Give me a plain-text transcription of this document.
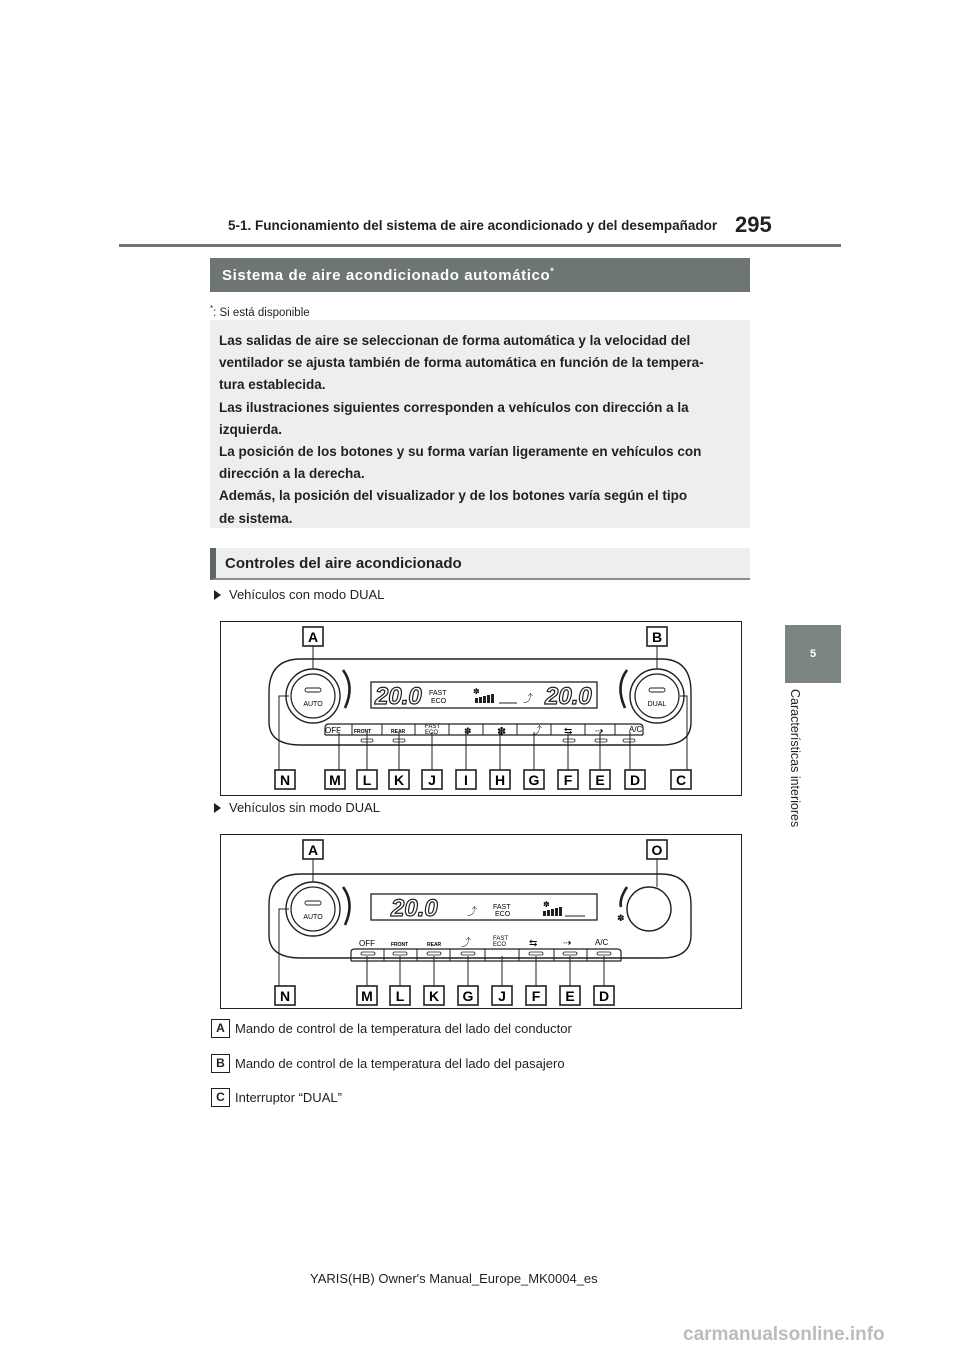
5-1. Funcionamiento del sistema de aire acondicionado y del desempañador 295
5
Características interiores
Sistema de aire acondicionado automático*
*: Si está disponible
Las salidas de aire se seleccionan de forma automática y la velocidad del
ventilador se ajusta también de forma automática en función de la tempera-
tura establecida.
Las ilustraciones siguientes corresponden a vehículos con dirección a la
izquierda.
La posición de los botones y su forma varían ligeramente en vehículos con
dirección a la derecha.
Además, la posición del visualizador y de los botones varía según el tipo
de sistema.
Controles del aire acondicionado
Vehículos con modo DUAL
AUTO	DUAL
20.0	20.0
FAST
ECO
✽
⤴
OFF	FRONT	REAR
FAST
ECO	✽ ✽	⤴ ⇆ ⇢	A/C
A	B
N	M L K J I H G F E D	C
Vehículos sin modo DUAL
AUTO	✽
20.0	⤴ FAST
ECO
✽
OFF	FRONT	REAR ⤴	FAST
ECO ⇆	⇢	A/C
A	O
N	M L K G J F E D
A Mando de control de la temperatura del lado del conductor
B Mando de control de la temperatura del lado del pasajero
C Interruptor “DUAL”
YARIS(HB) Owner's Manual_Europe_MK0004_es
carmanualsonline.info
